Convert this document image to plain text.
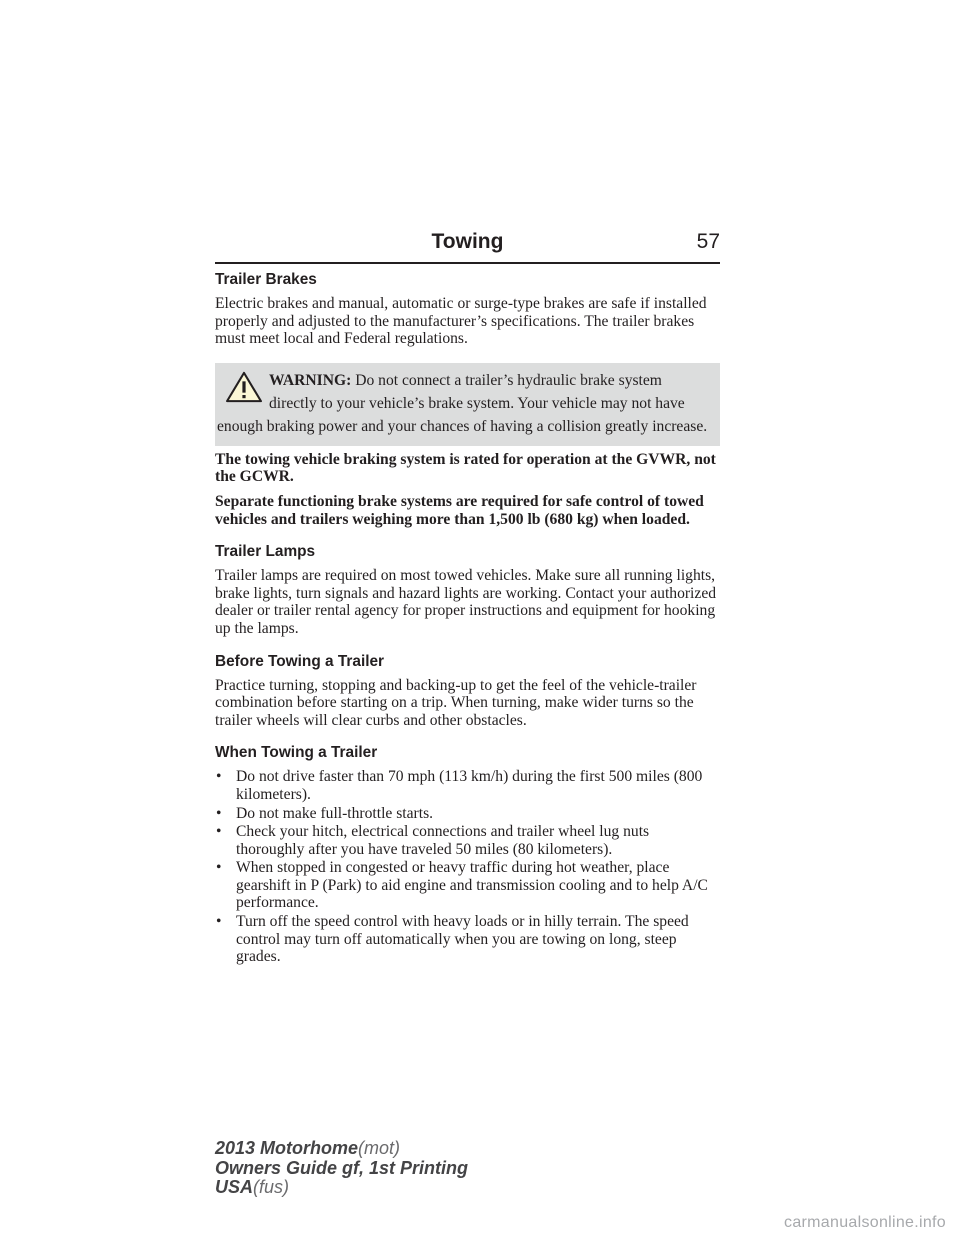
Towing	57
Trailer Brakes

Electric brakes and manual, automatic or surge-type brakes are safe if installed properly and adjusted to the manufacturer’s specifications. The trailer brakes must meet local and Federal regulations.

WARNING: Do not connect a trailer’s hydraulic brake system
directly to your vehicle’s brake system. Your vehicle may not have
enough braking power and your chances of having a collision greatly increase.

The towing vehicle braking system is rated for operation at the GVWR, not the GCWR.

Separate functioning brake systems are required for safe control of towed vehicles and trailers weighing more than 1,500 lb (680 kg) when loaded.

Trailer Lamps

Trailer lamps are required on most towed vehicles. Make sure all running lights, brake lights, turn signals and hazard lights are working. Contact your authorized dealer or trailer rental agency for proper instructions and equipment for hooking up the lamps.

Before Towing a Trailer

Practice turning, stopping and backing-up to get the feel of the vehicle-trailer combination before starting on a trip. When turning, make wider turns so the trailer wheels will clear curbs and other obstacles.

When Towing a Trailer
• Do not drive faster than 70 mph (113 km/h) during the first 500 miles (800 kilometers).
• Do not make full-throttle starts.
• Check your hitch, electrical connections and trailer wheel lug nuts thoroughly after you have traveled 50 miles (80 kilometers).
• When stopped in congested or heavy traffic during hot weather, place gearshift in P (Park) to aid engine and transmission cooling and to help A/C performance.
• Turn off the speed control with heavy loads or in hilly terrain. The speed control may turn off automatically when you are towing on long, steep grades.
2013 Motorhome(mot)
Owners Guide gf, 1st Printing
USA(fus)
carmanualsonline.info
